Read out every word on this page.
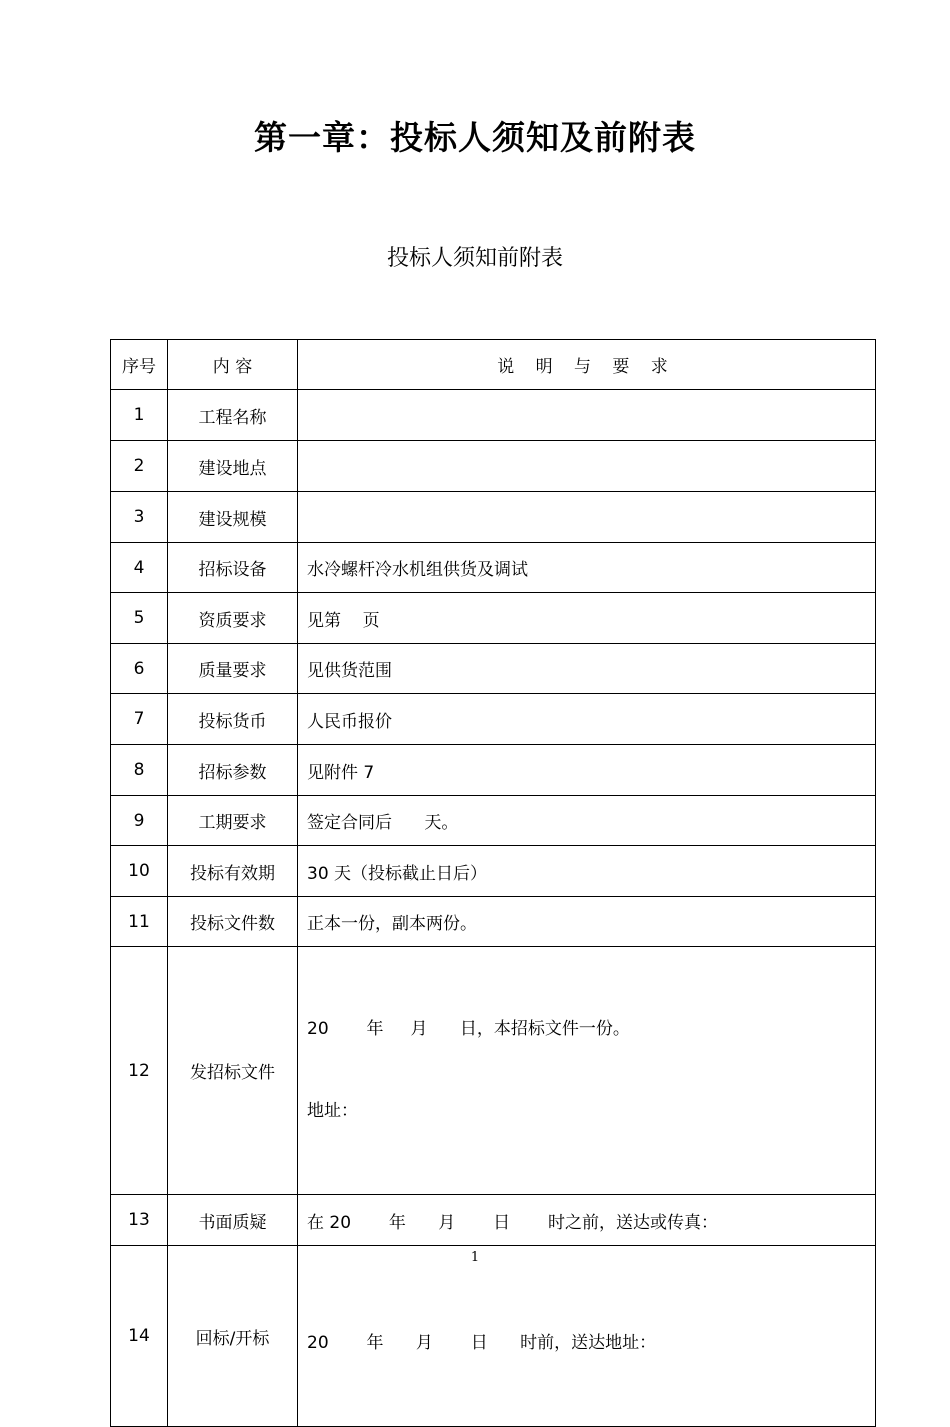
第一章：投标人须知及前附表
投标人须知前附表
序号	内 容	说 明 与 要 求
1	工程名称	
2	建设地点	
3	建设规模	
4	招标设备	水冷螺杆冷水机组供货及调试
5	资质要求	见第    页
6	质量要求	见供货范围
7	投标货币	人民币报价
8	招标参数	见附件 7
9	工期要求	签定合同后      天。
10	投标有效期	30 天（投标截止日后）
11	投标文件数	正本一份，副本两份。
12	发招标文件	20       年     月      日，本招标文件一份。

地址：

13	书面质疑	在 20       年      月       日       时之前，送达或传真：
14	回标/开标	20       年      月       日      时前，送达地址：

1
